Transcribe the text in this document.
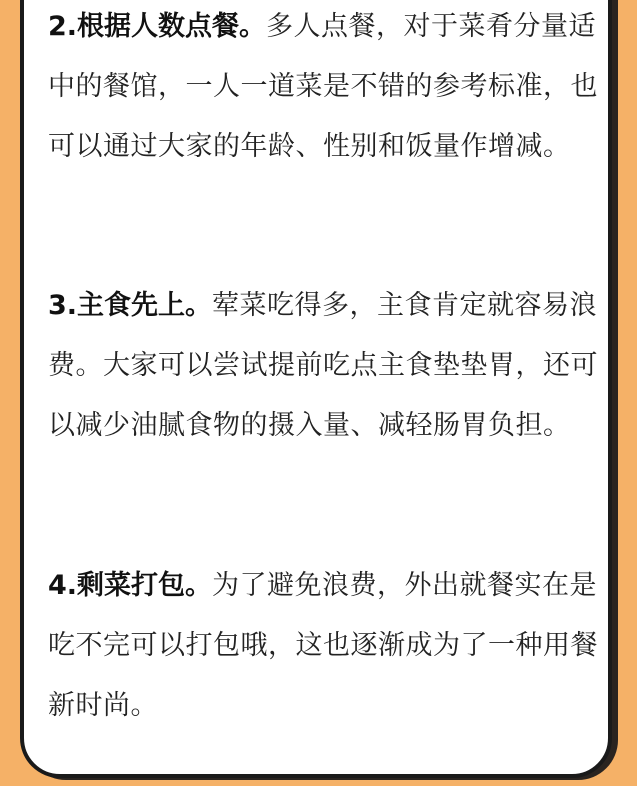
2.根据人数点餐。多人点餐，对于菜肴分量适中的餐馆，一人一道菜是不错的参考标准，也可以通过大家的年龄、性别和饭量作增减。

3.主食先上。荤菜吃得多，主食肯定就容易浪费。大家可以尝试提前吃点主食垫垫胃，还可以减少油腻食物的摄入量、减轻肠胃负担。

4.剩菜打包。为了避免浪费，外出就餐实在是吃不完可以打包哦，这也逐渐成为了一种用餐新时尚。
